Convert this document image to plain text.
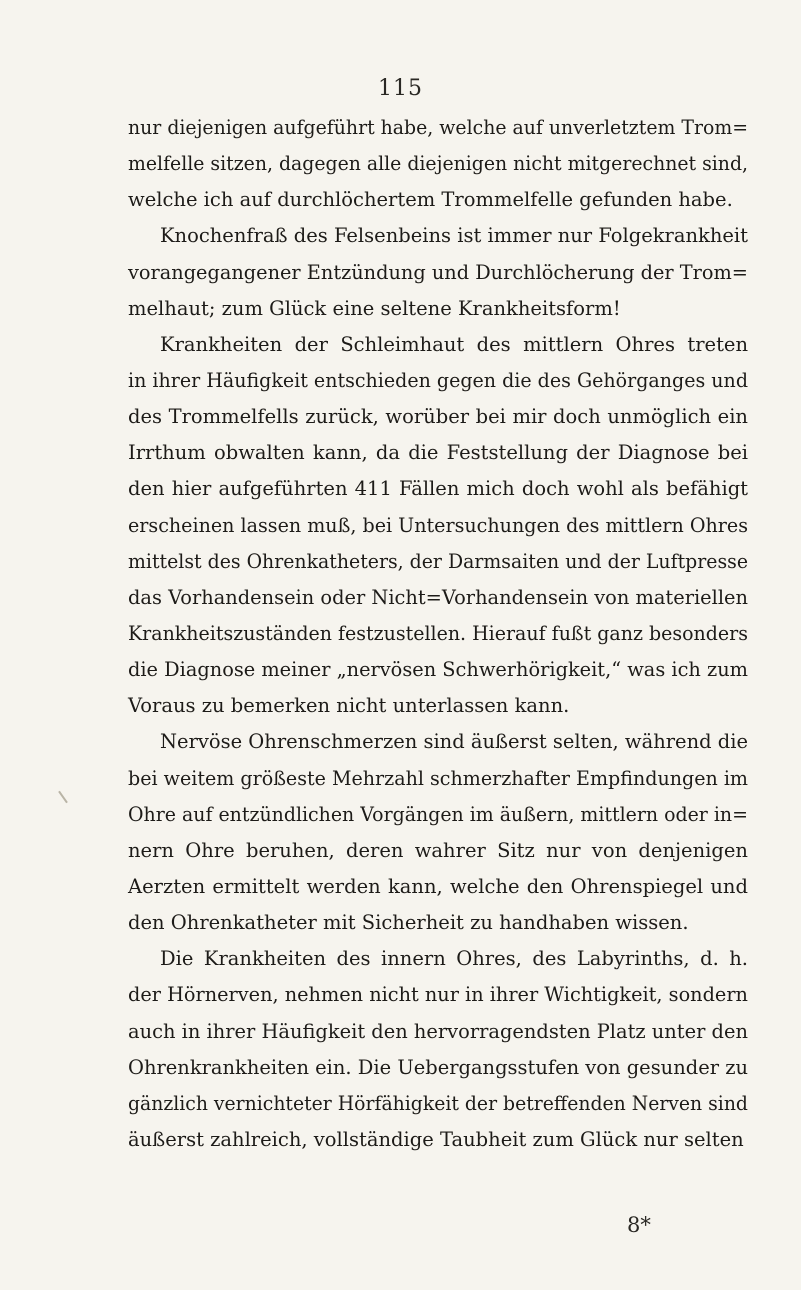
115
nur diejenigen aufgeführt habe, welche auf unverletztem Trom=
melfelle sitzen, dagegen alle diejenigen nicht mitgerechnet sind,
welche ich auf durchlöchertem Trommelfelle gefunden habe.
Knochenfraß des Felsenbeins ist immer nur Folgekrankheit
vorangegangener Entzündung und Durchlöcherung der Trom=
melhaut; zum Glück eine seltene Krankheitsform!
Krankheiten der Schleimhaut des mittlern Ohres treten
in ihrer Häufigkeit entschieden gegen die des Gehörganges und
des Trommelfells zurück, worüber bei mir doch unmöglich ein
Irrthum obwalten kann, da die Feststellung der Diagnose bei
den hier aufgeführten 411 Fällen mich doch wohl als befähigt
erscheinen lassen muß, bei Untersuchungen des mittlern Ohres
mittelst des Ohrenkatheters, der Darmsaiten und der Luftpresse
das Vorhandensein oder Nicht=Vorhandensein von materiellen
Krankheitszuständen festzustellen. Hierauf fußt ganz besonders
die Diagnose meiner „nervösen Schwerhörigkeit,“ was ich zum
Voraus zu bemerken nicht unterlassen kann.
Nervöse Ohrenschmerzen sind äußerst selten, während die
bei weitem größeste Mehrzahl schmerzhafter Empfindungen im
Ohre auf entzündlichen Vorgängen im äußern, mittlern oder in=
nern Ohre beruhen, deren wahrer Sitz nur von denjenigen
Aerzten ermittelt werden kann, welche den Ohrenspiegel und
den Ohrenkatheter mit Sicherheit zu handhaben wissen.
Die Krankheiten des innern Ohres, des Labyrinths, d. h.
der Hörnerven, nehmen nicht nur in ihrer Wichtigkeit, sondern
auch in ihrer Häufigkeit den hervorragendsten Platz unter den
Ohrenkrankheiten ein. Die Uebergangsstufen von gesunder zu
gänzlich vernichteter Hörfähigkeit der betreffenden Nerven sind
äußerst zahlreich, vollständige Taubheit zum Glück nur selten
8*
